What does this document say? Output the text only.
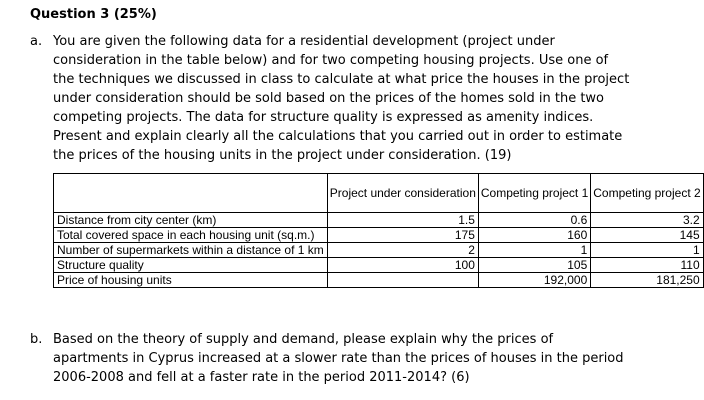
Question 3 (25%)
a. You are given the following data for a residential development (project under consideration in the table below) and for two competing housing projects. Use one of the techniques we discussed in class to calculate at what price the houses in the project under consideration should be sold based on the prices of the homes sold in the two competing projects. The data for structure quality is expressed as amenity indices. Present and explain clearly all the calculations that you carried out in order to estimate the prices of the housing units in the project under consideration. (19)
	Project under consideration	Competing project 1	Competing project 2
Distance from city center (km)	1.5	0.6	3.2
Total covered space in each housing unit (sq.m.)	175	160	145
Number of supermarkets within a distance of 1 km	2	1	1
Structure quality	100	105	110
Price of housing units		192,000	181,250
b. Based on the theory of supply and demand, please explain why the prices of apartments in Cyprus increased at a slower rate than the prices of houses in the period 2006-2008 and fell at a faster rate in the period 2011-2014? (6)
